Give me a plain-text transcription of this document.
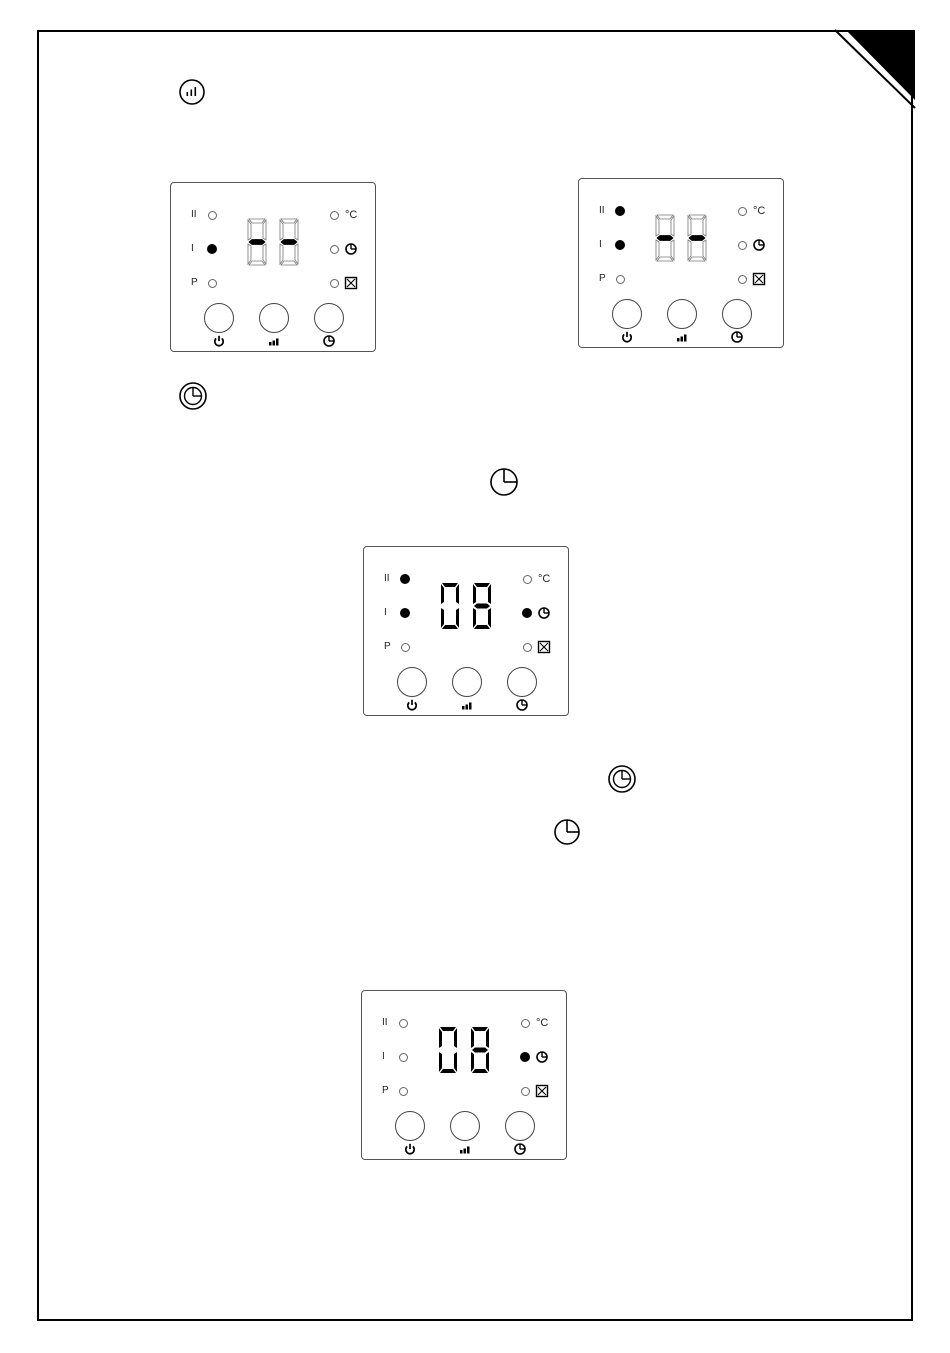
II
I
P
°C	II
I
P
°C
II
I
P
°C
II
I
P
°C
